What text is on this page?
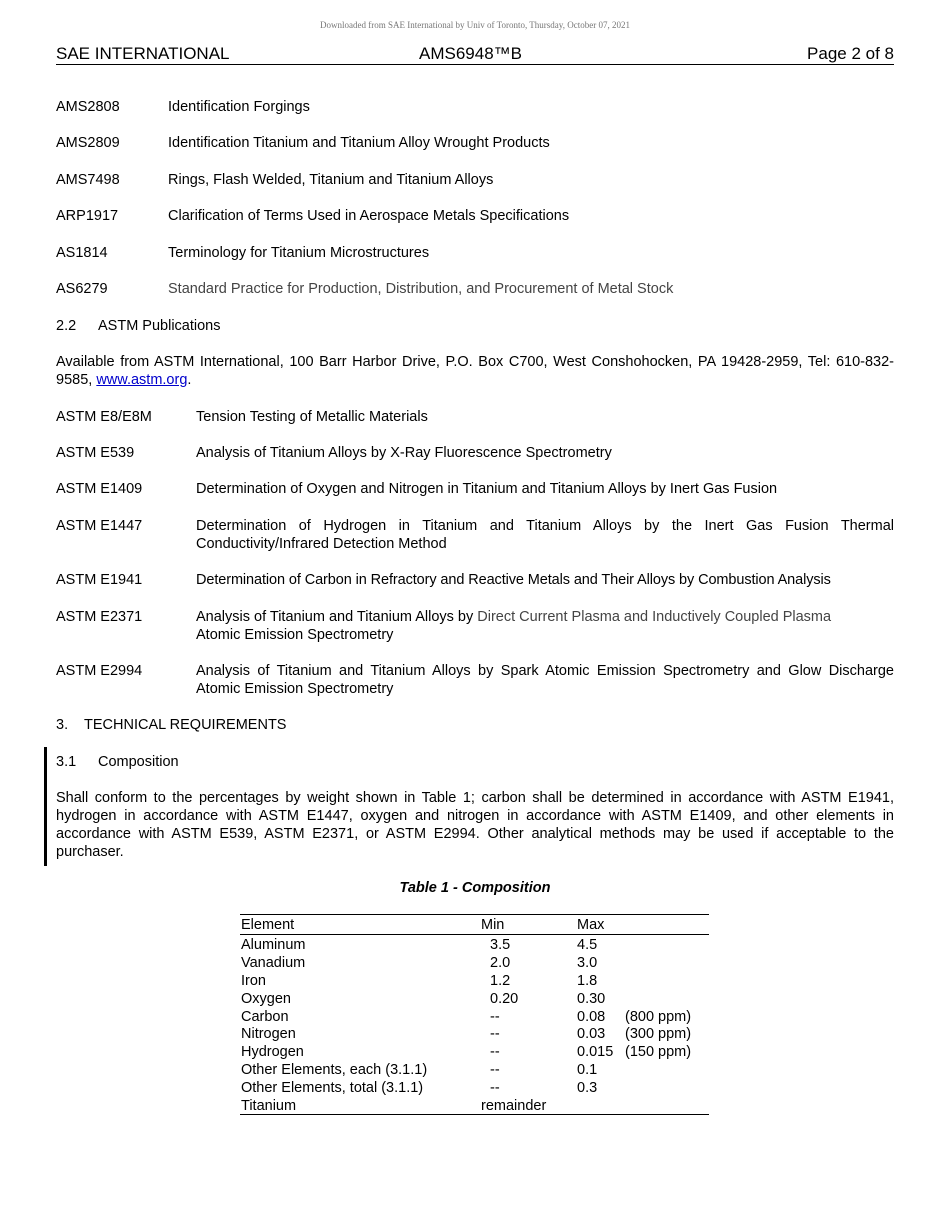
Downloaded from SAE International by Univ of Toronto, Thursday, October 07, 2021
SAE INTERNATIONAL	AMS6948™B	Page 2 of 8
AMS2808	Identification Forgings
AMS2809	Identification Titanium and Titanium Alloy Wrought Products
AMS7498	Rings, Flash Welded, Titanium and Titanium Alloys
ARP1917	Clarification of Terms Used in Aerospace Metals Specifications
AS1814	Terminology for Titanium Microstructures
AS6279	Standard Practice for Production, Distribution, and Procurement of Metal Stock
2.2 ASTM Publications
Available from ASTM International, 100 Barr Harbor Drive, P.O. Box C700, West Conshohocken, PA 19428-2959, Tel: 610-832-9585, www.astm.org.
ASTM E8/E8M	Tension Testing of Metallic Materials
ASTM E539	Analysis of Titanium Alloys by X-Ray Fluorescence Spectrometry
ASTM E1409	Determination of Oxygen and Nitrogen in Titanium and Titanium Alloys by Inert Gas Fusion
ASTM E1447	Determination of Hydrogen in Titanium and Titanium Alloys by the Inert Gas Fusion Thermal Conductivity/Infrared Detection Method
ASTM E1941	Determination of Carbon in Refractory and Reactive Metals and Their Alloys by Combustion Analysis
ASTM E2371	Analysis of Titanium and Titanium Alloys by Direct Current Plasma and Inductively Coupled Plasma
Atomic Emission Spectrometry
ASTM E2994	Analysis of Titanium and Titanium Alloys by Spark Atomic Emission Spectrometry and Glow Discharge Atomic Emission Spectrometry
3. TECHNICAL REQUIREMENTS
3.1 Composition
Shall conform to the percentages by weight shown in Table 1; carbon shall be determined in accordance with ASTM E1941, hydrogen in accordance with ASTM E1447, oxygen and nitrogen in accordance with ASTM E1409, and other elements in accordance with ASTM E539, ASTM E2371, or ASTM E2994. Other analytical methods may be used if acceptable to the purchaser.
Table 1 - Composition
Element	Min	Max
Aluminum	3.5	4.5
Vanadium	2.0	3.0
Iron	1.2	1.8
Oxygen	0.20	0.30
Carbon	--	0.08 (800 ppm)
Nitrogen	--	0.03 (300 ppm)
Hydrogen	--	0.015 (150 ppm)
Other Elements, each (3.1.1)	--	0.1
Other Elements, total (3.1.1)	--	0.3
Titanium	remainder
